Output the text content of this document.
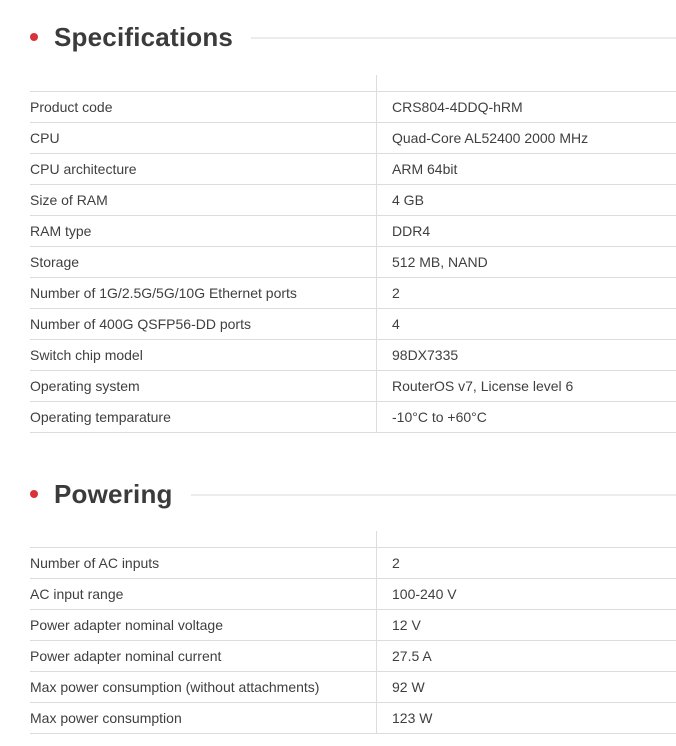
Specifications

Product code	CRS804-4DDQ-hRM
CPU	Quad-Core AL52400 2000 MHz
CPU architecture	ARM 64bit
Size of RAM	4 GB
RAM type	DDR4
Storage	512 MB, NAND
Number of 1G/2.5G/5G/10G Ethernet ports	2
Number of 400G QSFP56-DD ports	4
Switch chip model	98DX7335
Operating system	RouterOS v7, License level 6
Operating temparature	-10°C to +60°C
Powering

Number of AC inputs	2
AC input range	100-240 V
Power adapter nominal voltage	12 V
Power adapter nominal current	27.5 A
Max power consumption (without attachments)	92 W
Max power consumption	123 W
